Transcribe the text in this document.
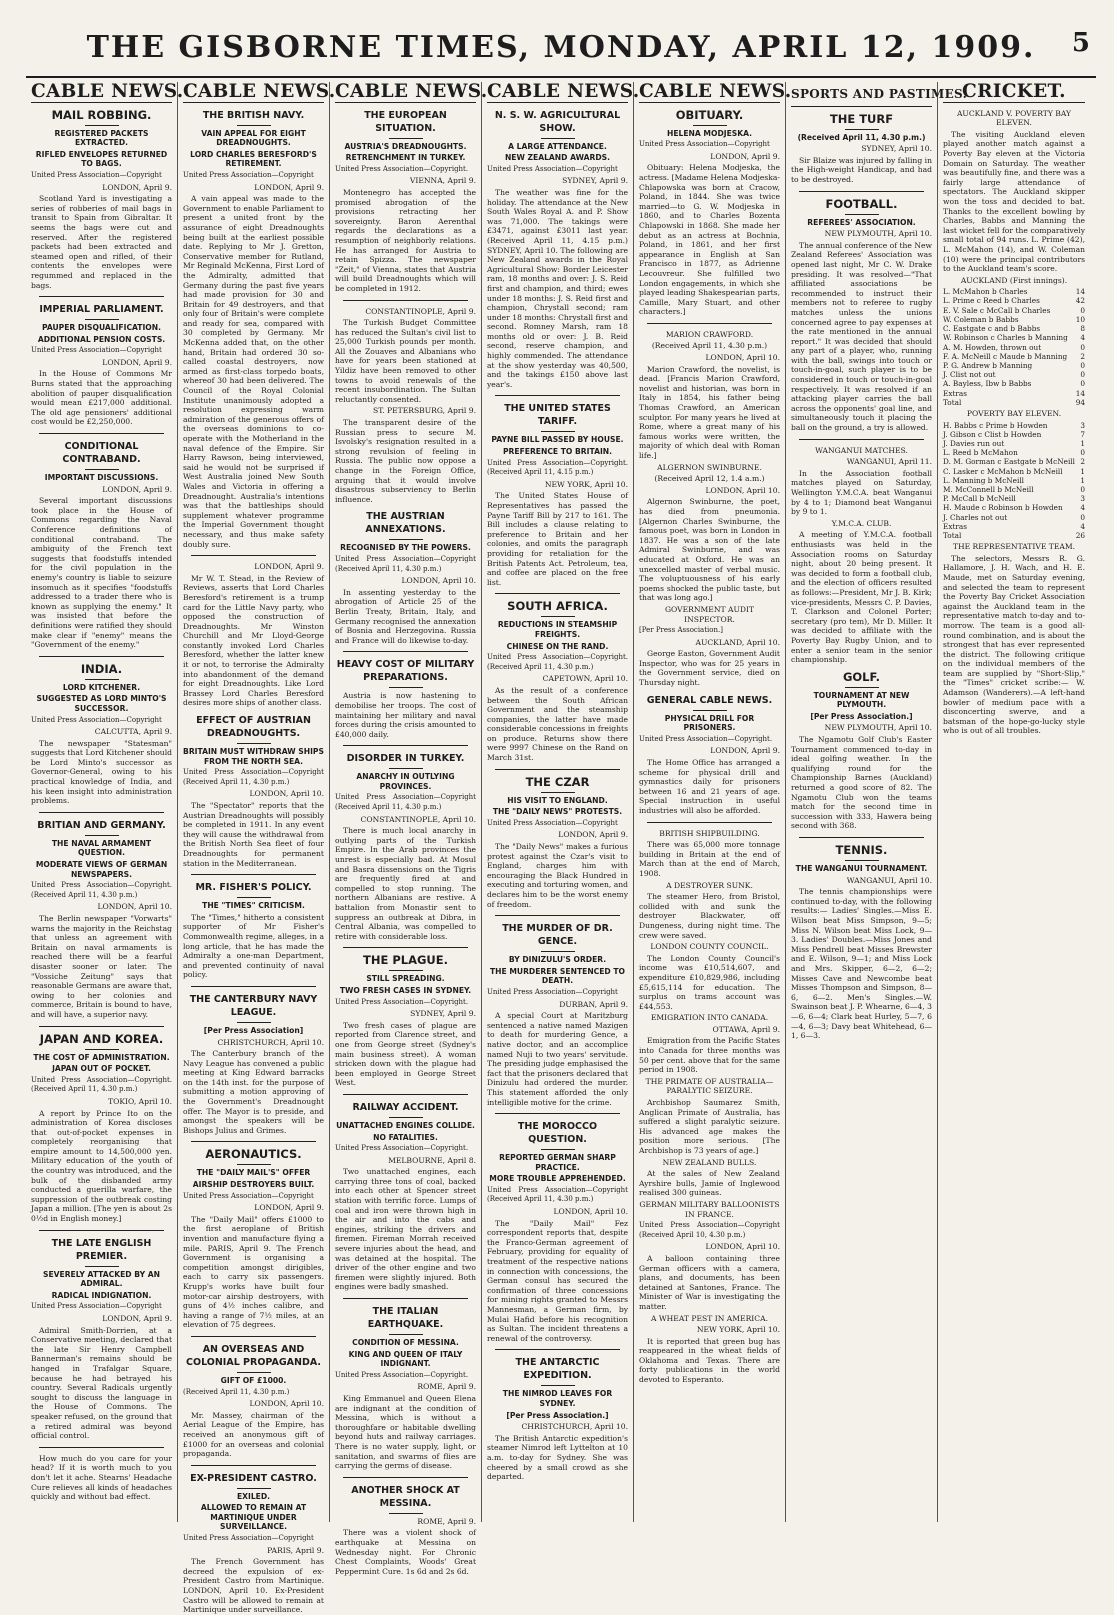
THE GISBORNE TIMES, MONDAY, APRIL 12, 1909.	5
CABLE NEWS.
MAIL ROBBING.
REGISTERED PACKETS EXTRACTED.
RIFLED ENVELOPES RETURNED TO BAGS.
United Press Association—Copyright
LONDON, April 9.
Scotland Yard is investigating a series of robberies of mail bags in transit to Spain from Gibraltar. It seems the bags were cut and reserved. After the registered packets had been extracted and steamed open and rifled, of their contents the envelopes were regummed and replaced in the bags.
IMPERIAL PARLIAMENT.
PAUPER DISQUALIFICATION.
ADDITIONAL PENSION COSTS.
United Press Association—Copyright
LONDON, April 9.
In the House of Commons Mr Burns stated that the approaching abolition of pauper disqualification would mean £217,000 additional. The old age pensioners' additional cost would be £2,250,000.
CONDITIONAL CONTRABAND.
IMPORTANT DISCUSSIONS.
LONDON, April 9.
Several important discussions took place in the House of Commons regarding the Naval Conference definitions of conditional contraband. The ambiguity of the French text suggests that foodstuffs intended for the civil population in the enemy's country is liable to seizure insomuch as it specifies "foodstuffs addressed to a trader there who is known as supplying the enemy." It was insisted that before the definitions were ratified they should make clear if "enemy" means the "Government of the enemy."
INDIA.
LORD KITCHENER.
SUGGESTED AS LORD MINTO'S SUCCESSOR.
United Press Association—Copyright
CALCUTTA, April 9.
The newspaper "Statesman" suggests that Lord Kitchener should be Lord Minto's successor as Governor-General, owing to his practical knowledge of India, and his keen insight into administration problems.
BRITIAN AND GERMANY.
THE NAVAL ARMAMENT QUESTION.
MODERATE VIEWS OF GERMAN NEWSPAPERS.
United Press Association—Copyright. (Received April 11, 4.30 p.m.)
LONDON, April 10.
The Berlin newspaper "Vorwarts" warns the majority in the Reichstag that unless an agreement with Britain on naval armaments is reached there will be a fearful disaster sooner or later. The "Vossiche Zeitung" says that reasonable Germans are aware that, owing to her colonies and commerce, Britain is bound to have, and will have, a superior navy.
JAPAN AND KOREA.
THE COST OF ADMINISTRATION.
JAPAN OUT OF POCKET.
United Press Association—Copyright. (Received April 11, 4.30 p.m.)
TOKIO, April 10.
A report by Prince Ito on the administration of Korea discloses that out-of-pocket expenses in completely reorganising that empire amount to 14,500,000 yen. Military education of the youth of the country was introduced, and the bulk of the disbanded army conducted a guerilla warfare, the suppression of the outbreak costing Japan a million. [The yen is about 2s 0½d in English money.]
THE LATE ENGLISH PREMIER.
SEVERELY ATTACKED BY AN ADMIRAL.
RADICAL INDIGNATION.
United Press Association—Copyright
LONDON, April 9.
Admiral Smith-Dorrien, at a Conservative meeting, declared that the late Sir Henry Campbell Bannerman's remains should be hanged in Trafalgar Square, because he had betrayed his country. Several Radicals urgently sought to discuss the language in the House of Commons. The speaker refused, on the ground that a retired admiral was beyond official control.
How much do you care for your head? If it is worth much to you don't let it ache. Stearns' Headache Cure relieves all kinds of headaches quickly and without bad effect.
CABLE NEWS.
THE BRITISH NAVY.
VAIN APPEAL FOR EIGHT DREADNOUGHTS.
LORD CHARLES BERESFORD'S RETIREMENT.
United Press Association—Copyright
LONDON, April 9.
A vain appeal was made to the Government to enable Parliament to present a united front by the assurance of eight Dreadnoughts being built at the earliest possible date. Replying to Mr J. Gretton, Conservative member for Rutland, Mr Reginald McKenna, First Lord of the Admiralty, admitted that Germany during the past five years had made provision for 30 and Britain for 49 destroyers, and that only four of Britain's were complete and ready for sea, compared with 30 completed by Germany. Mr McKenna added that, on the other hand, Britain had ordered 30 so-called coastal destroyers, now armed as first-class torpedo boats, whereof 30 had been delivered. The Council of the Royal Colonial Institute unanimously adopted a resolution expressing warm admiration of the generous offers of the overseas dominions to co-operate with the Motherland in the naval defence of the Empire. Sir Harry Rawson, being interviewed, said he would not be surprised if West Australia joined New South Wales and Victoria in offering a Dreadnought. Australia's intentions was that the battleships should supplement whatever programme the Imperial Government thought necessary, and thus make safety doubly sure.
LONDON, April 9.
Mr W. T. Stead, in the Review of Reviews, asserts that Lord Charles Beresford's retirement is a trump card for the Little Navy party, who opposed the construction of Dreadnoughts. Mr Winston Churchill and Mr Lloyd-George constantly invoked Lord Charles Beresford, whether the latter knew it or not, to terrorise the Admiralty into abandonment of the demand for eight Dreadnoughts. Like Lord Brassey Lord Charles Beresford desires more ships of another class.
EFFECT OF AUSTRIAN DREADNOUGHTS.
BRITAIN MUST WITHDRAW SHIPS FROM THE NORTH SEA.
United Press Association—Copyright (Received April 11, 4.30 p.m.)
LONDON, April 10.
The "Spectator" reports that the Austrian Dreadnoughts will possibly be completed in 1911. In any event they will cause the withdrawal from the British North Sea fleet of four Dreadnoughts for permanent station in the Mediterranean.
MR. FISHER'S POLICY.
THE "TIMES" CRITICISM.
The "Times," hitherto a consistent supporter of Mr Fisher's Commonwealth regime, alleges, in a long article, that he has made the Admiralty a one-man Department, and prevented continuity of naval policy.
THE CANTERBURY NAVY LEAGUE.
[Per Press Association]
CHRISTCHURCH, April 10.
The Canterbury branch of the Navy League has convened a public meeting at King Edward barracks on the 14th inst. for the purpose of submitting a motion approving of the Government's Dreadnought offer. The Mayor is to preside, and amongst the speakers will be Bishops Julius and Grimes.
AERONAUTICS.
THE "DAILY MAIL'S" OFFER
AIRSHIP DESTROYERS BUILT.
United Press Association—Copyright
LONDON, April 9.
The "Daily Mail" offers £1000 to the first aeroplane of British invention and manufacture flying a mile. PARIS, April 9. The French Government is organising a competition amongst dirigibles, each to carry six passengers. Krupp's works have built four motor-car airship destroyers, with guns of 4½ inches calibre, and having a range of 7½ miles, at an elevation of 75 degrees.
AN OVERSEAS AND COLONIAL PROPAGANDA.
GIFT OF £1000.
(Received April 11, 4.30 p.m.)
LONDON, April 10.
Mr. Massey, chairman of the Aerial League of the Empire, has received an anonymous gift of £1000 for an overseas and colonial propaganda.
EX-PRESIDENT CASTRO.
EXILED.
ALLOWED TO REMAIN AT MARTINIQUE UNDER SURVEILLANCE.
United Press Association—Copyright
PARIS, April 9.
The French Government has decreed the expulsion of ex-President Castro from Martinique. LONDON, April 10. Ex-President Castro will be allowed to remain at Martinique under surveillance.
CABLE NEWS.
THE EUROPEAN SITUATION.
AUSTRIA'S DREADNOUGHTS.
RETRENCHMENT IN TURKEY.
United Press Association—Copyright.
VIENNA, April 9.
Montenegro has accepted the promised abrogation of the provisions retracting her sovereignty. Baron Aerenthal regards the declarations as a resumption of neighborly relations. He has arranged for Austria to retain Spizza. The newspaper "Zeit," of Vienna, states that Austria will build Dreadnoughts which will be completed in 1912.
CONSTANTINOPLE, April 9.
The Turkish Budget Committee has reduced the Sultan's civil list to 25,000 Turkish pounds per month. All the Zouaves and Albanians who have for years been stationed at Yildiz have been removed to other towns to avoid renewals of the recent insubordination. The Sultan reluctantly consented.
ST. PETERSBURG, April 9.
The transparent desire of the Russian press to secure M. Isvolsky's resignation resulted in a strong revulsion of feeling in Russia. The public now oppose a change in the Foreign Office, arguing that it would involve disastrous subserviency to Berlin influence.
THE AUSTRIAN ANNEXATIONS.
RECOGNISED BY THE POWERS.
United Press Association—Copyright (Received April 11, 4.30 p.m.)
LONDON, April 10.
In assenting yesterday to the abrogation of Article 25 of the Berlin Treaty, Britain, Italy, and Germany recognised the annexation of Bosnia and Herzegovina. Russia and France will do likewise to-day.
HEAVY COST OF MILITARY PREPARATIONS.
Austria is now hastening to demobilise her troops. The cost of maintaining her military and naval forces during the crisis amounted to £40,000 daily.
DISORDER IN TURKEY.
ANARCHY IN OUTLYING PROVINCES.
United Press Association—Copyright (Received April 11, 4.30 p.m.)
CONSTANTINOPLE, April 10.
There is much local anarchy in outlying parts of the Turkish Empire. In the Arab provinces the unrest is especially bad. At Mosul and Basra dissensions on the Tigris are frequently fired at and compelled to stop running. The northern Albanians are restive. A battalion from Monastir sent to suppress an outbreak at Dibra, in Central Albania, was compelled to retire with considerable loss.
THE PLAGUE.
STILL SPREADING.
TWO FRESH CASES IN SYDNEY.
United Press Association—Copyright.
SYDNEY, April 9.
Two fresh cases of plague are reported from Clarence street, and one from George street (Sydney's main business street). A woman stricken down with the plague had been employed in George Street West.
RAILWAY ACCIDENT.
UNATTACHED ENGINES COLLIDE.
NO FATALITIES.
United Press Association—Copyright.
MELBOURNE, April 8.
Two unattached engines, each carrying three tons of coal, backed into each other at Spencer street station with terrific force. Lumps of coal and iron were thrown high in the air and into the cabs and engines, striking the drivers and firemen. Fireman Morrah received severe injuries about the head, and was detained at the hospital. The driver of the other engine and two firemen were slightly injured. Both engines were badly smashed.
THE ITALIAN EARTHQUAKE.
CONDITION OF MESSINA.
KING AND QUEEN OF ITALY INDIGNANT.
United Press Association—Copyright.
ROME, April 9.
King Emmanuel and Queen Elena are indignant at the condition of Messina, which is without a thoroughfare or habitable dwelling beyond huts and railway carriages. There is no water supply, light, or sanitation, and swarms of flies are carrying the germs of disease.
ANOTHER SHOCK AT MESSINA.
ROME, April 9.
There was a violent shock of earthquake at Messina on Wednesday night. For Chronic Chest Complaints, Woods' Great Peppermint Cure. 1s 6d and 2s 6d.
CABLE NEWS.
N. S. W. AGRICULTURAL SHOW.
A LARGE ATTENDANCE.
NEW ZEALAND AWARDS.
United Press Association—Copyright
SYDNEY, April 9.
The weather was fine for the holiday. The attendance at the New South Wales Royal A. and P. Show was 71,000. The takings were £3471, against £3011 last year. (Received April 11, 4.15 p.m.) SYDNEY, April 10. The following are New Zealand awards in the Royal Agricultural Show: Border Leicester ram, 18 months and over: J. S. Reid first and champion, and third; ewes under 18 months: J. S. Reid first and champion, Chrystall second; ram under 18 months: Chrystall first and second. Romney Marsh, ram 18 months old or over: J. B. Reid second, reserve champion, and highly commended. The attendance at the show yesterday was 40,500, and the takings £150 above last year's.
THE UNITED STATES TARIFF.
PAYNE BILL PASSED BY HOUSE.
PREFERENCE TO BRITAIN.
United Press Association—Copyright. (Received April 11, 4.15 p.m.)
NEW YORK, April 10.
The United States House of Representatives has passed the Payne Tariff Bill by 217 to 161. The Bill includes a clause relating to preference to Britain and her colonies, and omits the paragraph providing for retaliation for the British Patents Act. Petroleum, tea, and coffee are placed on the free list.
SOUTH AFRICA.
REDUCTIONS IN STEAMSHIP FREIGHTS.
CHINESE ON THE RAND.
United Press Association—Copyright. (Received April 11, 4.30 p.m.)
CAPETOWN, April 10.
As the result of a conference between the South African Government and the steamship companies, the latter have made considerable concessions in freights on produce. Returns show there were 9997 Chinese on the Rand on March 31st.
THE CZAR
HIS VISIT TO ENGLAND.
THE "DAILY NEWS" PROTESTS.
United Press Association—Copyright
LONDON, April 9.
The "Daily News" makes a furious protest against the Czar's visit to England, charges him with encouraging the Black Hundred in executing and torturing women, and declares him to be the worst enemy of freedom.
THE MURDER OF DR. GENCE.
BY DINIZULU'S ORDER.
THE MURDERER SENTENCED TO DEATH.
United Press Association—Copyright
DURBAN, April 9.
A special Court at Maritzburg sentenced a native named Mazigen to death for murdering Gence, a native doctor, and an accomplice named Nuji to two years' servitude. The presiding judge emphasised the fact that the prisoners declared that Dinizulu had ordered the murder. This statement afforded the only intelligible motive for the crime.
THE MOROCCO QUESTION.
REPORTED GERMAN SHARP PRACTICE.
MORE TROUBLE APPREHENDED.
United Press Association—Copyright (Received April 11, 4.30 p.m.)
LONDON, April 10.
The "Daily Mail" Fez correspondent reports that, despite the Franco-German agreement of February, providing for equality of treatment of the respective nations in connection with concessions, the German consul has secured the confirmation of three concessions for mining rights granted to Messrs Mannesman, a German firm, by Mulai Hafid before his recognition as Sultan. The incident threatens a renewal of the controversy.
THE ANTARCTIC EXPEDITION.
THE NIMROD LEAVES FOR SYDNEY.
[Per Press Association.]
CHRISTCHURCH, April 10.
The British Antarctic expedition's steamer Nimrod left Lyttelton at 10 a.m. to-day for Sydney. She was cheered by a small crowd as she departed.
CABLE NEWS.
OBITUARY.
HELENA MODJESKA.
United Press Association—Copyright
LONDON, April 9.
Obituary: Helena Modjeska, the actress. [Madame Helena Modjeska-Chlapowska was born at Cracow, Poland, in 1844. She was twice married—to G. W. Modjeska in 1860, and to Charles Bozenta Chlapowski in 1868. She made her debut as an actress at Bochnia, Poland, in 1861, and her first appearance in English at San Francisco in 1877, as Adrienne Lecouvreur. She fulfilled two London engagements, in which she played leading Shakespearian parts, Camille, Mary Stuart, and other characters.]
MARION CRAWFORD.
(Received April 11, 4.30 p.m.)
LONDON, April 10.
Marion Crawford, the novelist, is dead. [Francis Marion Crawford, novelist and historian, was born in Italy in 1854, his father being Thomas Crawford, an American sculptor. For many years he lived at Rome, where a great many of his famous works were written, the majority of which deal with Roman life.]
ALGERNON SWINBURNE.
(Received April 12, 1.4 a.m.)
LONDON, April 10.
Algernon Swinburne, the poet, has died from pneumonia. [Algernon Charles Swinburne, the famous poet, was born in London in 1837. He was a son of the late Admiral Swinburne, and was educated at Oxford. He was an unexcelled master of verbal music. The voluptuousness of his early poems shocked the public taste, but that was long ago.]
GOVERNMENT AUDIT INSPECTOR.
[Per Press Association.]
AUCKLAND, April 10.
George Easton, Government Audit Inspector, who was for 25 years in the Government service, died on Thursday night.
GENERAL CABLE NEWS.
PHYSICAL DRILL FOR PRISONERS.
United Press Association—Copyright.
LONDON, April 9.
The Home Office has arranged a scheme for physical drill and gymnastics daily for prisoners between 16 and 21 years of age. Special instruction in useful industries will also be afforded.
BRITISH SHIPBUILDING.
There was 65,000 more tonnage building in Britain at the end of March than at the end of March, 1908.
A DESTROYER SUNK.
The steamer Hero, from Bristol, collided with and sunk the destroyer Blackwater, off Dungeness, during night time. The crew were saved.
LONDON COUNTY COUNCIL.
The London County Council's income was £10,514,607, and expenditure £10,829,986, including £5,615,114 for education. The surplus on trams account was £44,553.
EMIGRATION INTO CANADA.
OTTAWA, April 9.
Emigration from the Pacific States into Canada for three months was 50 per cent. above that for the same period in 1908.
THE PRIMATE OF AUSTRALIA—PARALYTIC SEIZURE.
Archbishop Saumarez Smith, Anglican Primate of Australia, has suffered a slight paralytic seizure. His advanced age makes the position more serious. [The Archbishop is 73 years of age.]
NEW ZEALAND BULLS.
At the sales of New Zealand Ayrshire bulls, Jamie of Inglewood realised 300 guineas.
GERMAN MILITARY BALLOONISTS IN FRANCE.
United Press Association—Copyright (Received April 10, 4.30 p.m.)
LONDON, April 10.
A balloon containing three German officers with a camera, plans, and documents, has been detained at Santones, France. The Minister of War is investigating the matter.
A WHEAT PEST IN AMERICA.
NEW YORK, April 10.
It is reported that green bug has reappeared in the wheat fields of Oklahoma and Texas. There are forty publications in the world devoted to Esperanto.
SPORTS AND PASTIMES.
THE TURF
(Received April 11, 4.30 p.m.)
SYDNEY, April 10.
Sir Blaize was injured by falling in the High-weight Handicap, and had to be destroyed.
FOOTBALL.
REFEREES' ASSOCIATION.
NEW PLYMOUTH, April 10.
The annual conference of the New Zealand Referees' Association was opened last night, Mr C. W. Drake presiding. It was resolved—"That affiliated associations be recommended to instruct their members not to referee to rugby matches unless the unions concerned agree to pay expenses at the rate mentioned in the annual report." It was decided that should any part of a player, who, running with the ball, swings into touch or touch-in-goal, such player is to be considered in touch or touch-in-goal respectively. It was resolved if an attacking player carries the ball across the opponents' goal line, and simultaneously touch it placing the ball on the ground, a try is allowed.
WANGANUI MATCHES.
WANGANUI, April 11.
In the Association football matches played on Saturday, Wellington Y.M.C.A. beat Wanganui by 4 to 1; Diamond beat Wanganui by 9 to 1.
Y.M.C.A. CLUB.
A meeting of Y.M.C.A. football enthusiasts was held in the Association rooms on Saturday night, about 20 being present. It was decided to form a football club, and the election of officers resulted as follows:—President, Mr J. B. Kirk; vice-presidents, Messrs C. P. Davies, T. Clarkson and Colonel Porter; secretary (pro tem), Mr D. Miller. It was decided to affiliate with the Poverty Bay Rugby Union, and to enter a senior team in the senior championship.
GOLF.
TOURNAMENT AT NEW PLYMOUTH.
[Per Press Association.]
NEW PLYMOUTH, April 10.
The Ngamotu Golf Club's Easter Tournament commenced to-day in ideal golfing weather. In the qualifying round for the Championship Barnes (Auckland) returned a good score of 82. The Ngamotu Club won the teams match for the second time in succession with 333, Hawera being second with 368.
TENNIS.
THE WANGANUI TOURNAMENT.
WANGANUI, April 10.
The tennis championships were continued to-day, with the following results:— Ladies' Singles.—Miss E. Wilson beat Miss Simpson, 9—5; Miss N. Wilson beat Miss Lock, 9—3. Ladies' Doubles.—Miss Jones and Miss Pendrell beat Misses Brewster and E. Wilson, 9—1; and Miss Lock and Mrs. Skipper, 6—2, 6—2; Misses Cave and Newcombe beat Misses Thompson and Simpson, 8—6, 6—2. Men's Singles.—W. Swainson beat J. P. Whearne, 6—4, 3—6, 6—4; Clark beat Hurley, 5—7, 6—4, 6—3; Davy beat Whitehead, 6—1, 6—3.
CRICKET.
AUCKLAND V. POVERTY BAY ELEVEN.
The visiting Auckland eleven played another match against a Poverty Bay eleven at the Victoria Domain on Saturday. The weather was beautifully fine, and there was a fairly large attendance of spectators. The Auckland skipper won the toss and decided to bat. Thanks to the excellent bowling by Charles, Babbs and Manning the last wicket fell for the comparatively small total of 94 runs. L. Prime (42), L. McMahon (14), and W. Coleman (10) were the principal contributors to the Auckland team's score.
AUCKLAND (First innings).
L. McMahon b Charles	14
L. Prime c Reed b Charles	42
E. V. Sale c McCall b Charles	0
W. Coleman b Babbs	10
C. Eastgate c and b Babbs	8
W. Robinson c Charles b Manning 4
A. M. Howden, thrown out	0
F. A. McNeill c Maude b Manning 2
P. G. Andrew b Manning	0
J. Clist not out	0
A. Bayless, Ibw b Babbs	0
Extras	14
Total	94
POVERTY BAY ELEVEN.
H. Babbs c Prime b Howden	3
J. Gibson c Clist b Howden	7
J. Davies run out	1
L. Reed b McMahon	0
D. M. Gorman c Eastgate b McNeill 2
C. Lasker c McMahon b McNeill 1
L. Manning b McNeill	1
M. McConnell b McNeill	0
P. McCall b McNeill	3
H. Maude c Robinson b Howden 4
J. Charles not out	0
Extras	4
Total	26
THE REPRESENTATIVE TEAM.
The selectors, Messrs R. G. Hallamore, J. H. Wach, and H. E. Maude, met on Saturday evening, and selected the team to represent the Poverty Bay Cricket Association against the Auckland team in the representative match to-day and to-morrow. The team is a good all-round combination, and is about the strongest that has ever represented the district. The following critique on the individual members of the team are supplied by "Short-Slip," the "Times" cricket scribe:— W. Adamson (Wanderers).—A left-hand bowler of medium pace with a disconcerting swerve, and a batsman of the hope-go-lucky style who is out of all troubles.
